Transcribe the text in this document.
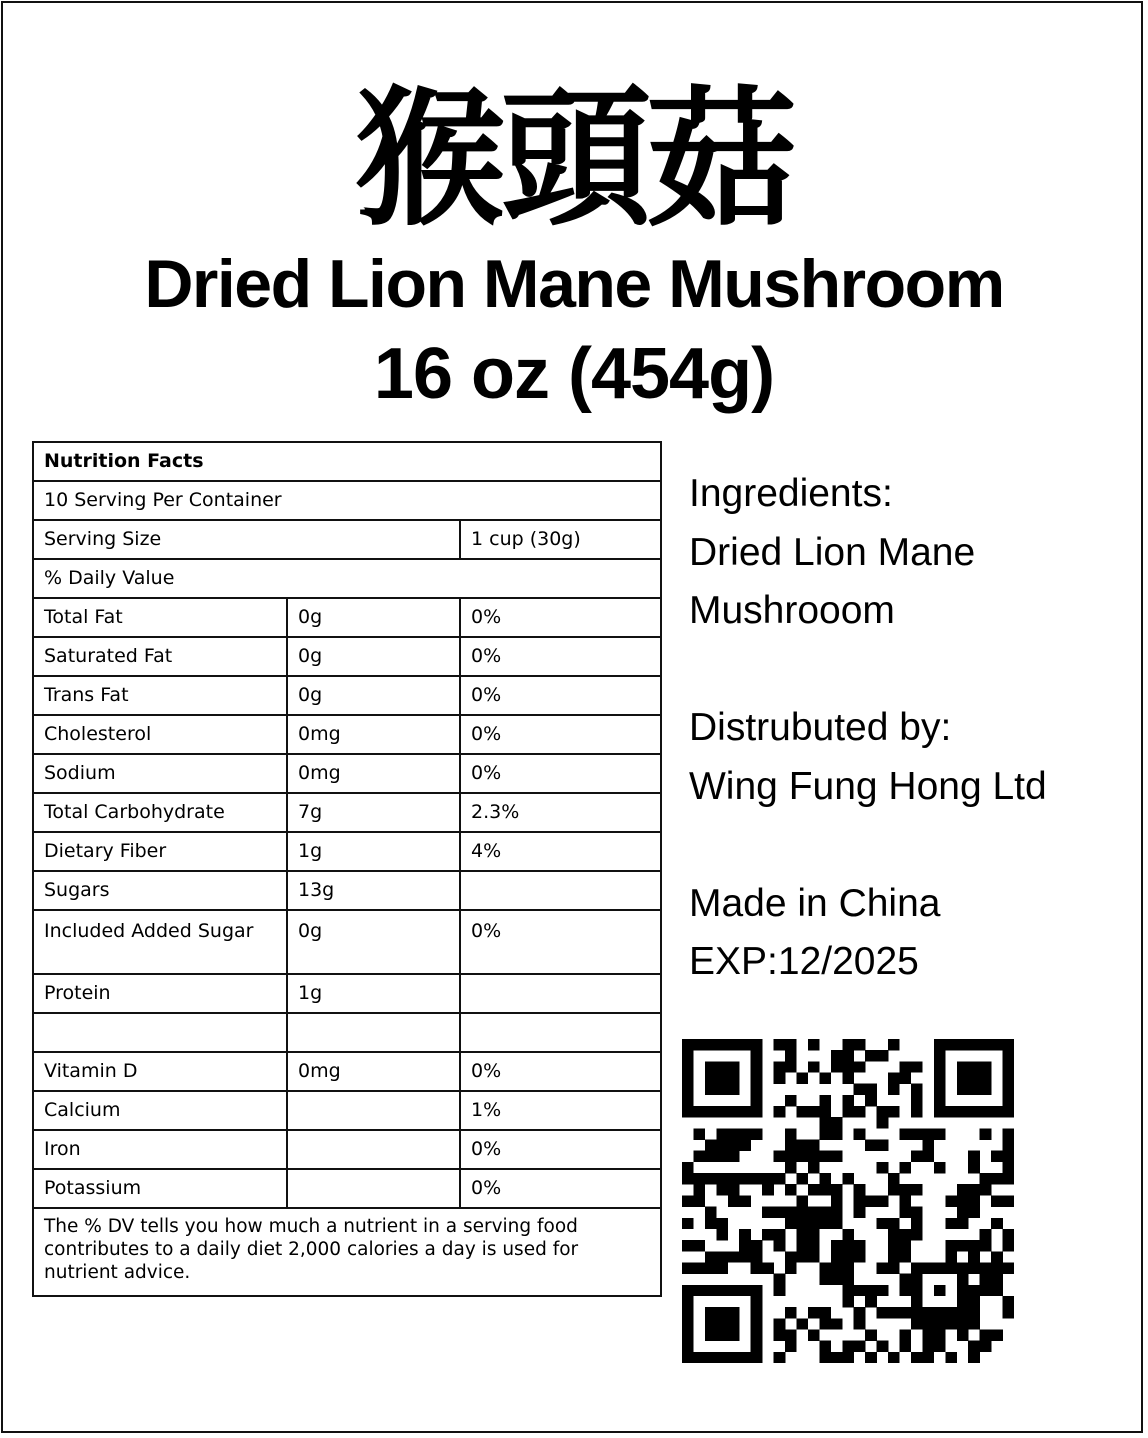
猴頭菇
Dried Lion Mane Mushroom
16 oz (454g)
Nutrition Facts		
10 Serving Per Container		
Serving Size		1 cup (30g)
% Daily Value		
Total Fat	0g	0%
Saturated Fat	0g	0%
Trans Fat	0g	0%
Cholesterol	0mg	0%
Sodium	0mg	0%
Total Carbohydrate	7g	2.3%
Dietary Fiber	1g	4%
Sugars	13g	
Included Added Sugar	0g	0%
Protein	1g	

Vitamin D	0mg	0%
Calcium		1%
Iron		0%
Potassium		0%
The % DV tells you how much a nutrient in a serving food contributes to a daily diet 2,000 calories a day is used for nutrient advice.		

Ingredients:

Dried Lion Mane

Mushrooom

Distrubuted by:

Wing Fung Hong Ltd

Made in China

EXP:12/2025
